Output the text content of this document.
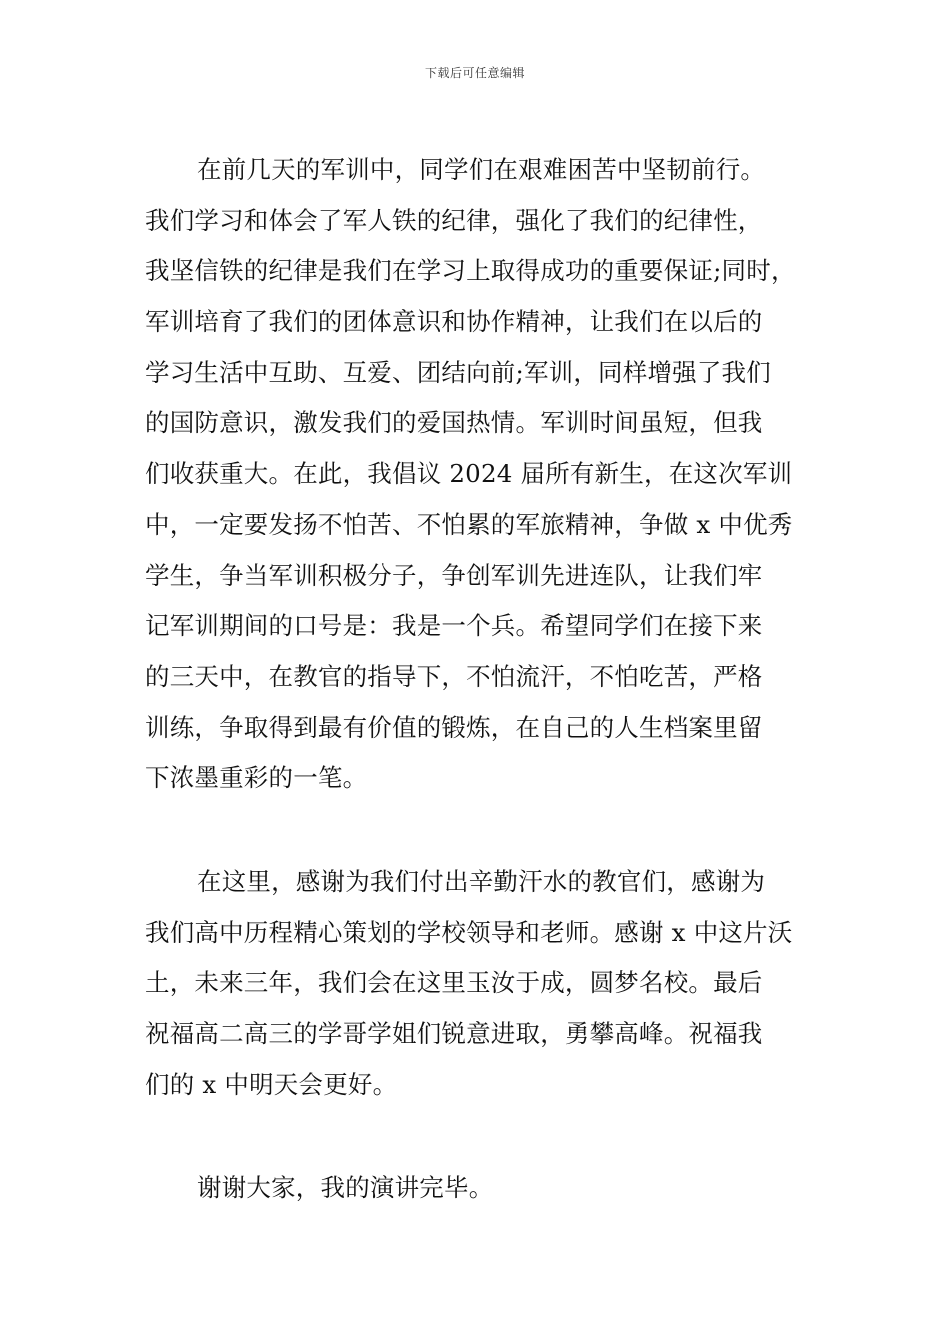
下载后可任意编辑
在前几天的军训中，同学们在艰难困苦中坚韧前行。
我们学习和体会了军人铁的纪律，强化了我们的纪律性，
我坚信铁的纪律是我们在学习上取得成功的重要保证;同时，
军训培育了我们的团体意识和协作精神，让我们在以后的
学习生活中互助、互爱、团结向前;军训，同样增强了我们
的国防意识，激发我们的爱国热情。军训时间虽短，但我
们收获重大。在此，我倡议 2024 届所有新生，在这次军训
中，一定要发扬不怕苦、不怕累的军旅精神，争做 x 中优秀
学生，争当军训积极分子，争创军训先进连队，让我们牢
记军训期间的口号是：我是一个兵。希望同学们在接下来
的三天中，在教官的指导下，不怕流汗，不怕吃苦，严格
训练，争取得到最有价值的锻炼，在自己的人生档案里留
下浓墨重彩的一笔。
在这里，感谢为我们付出辛勤汗水的教官们，感谢为
我们高中历程精心策划的学校领导和老师。感谢 x 中这片沃
土，未来三年，我们会在这里玉汝于成，圆梦名校。最后
祝福高二高三的学哥学姐们锐意进取，勇攀高峰。祝福我
们的 x 中明天会更好。
谢谢大家，我的演讲完毕。
